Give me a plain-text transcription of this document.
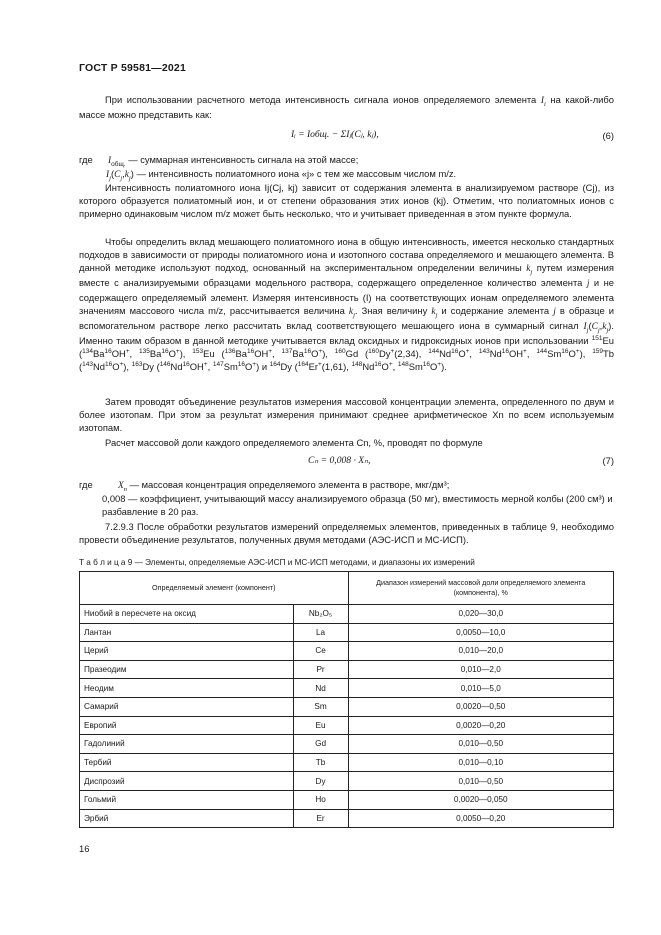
ГОСТ Р 59581—2021

При использовании расчетного метода интенсивность сигнала ионов определяемого элемента $I_i$ на какой-либо массе можно представить как:

Iᵢ = Iобщ. − ΣIⱼ(Cⱼ, kⱼ),	(6)
где $I_{общ.}$ — суммарная интенсивность сигнала на этой массе;
$I_j(C_j,k_j)$ — интенсивность полиатомного иона «j» с тем же массовым числом m/z.

Интенсивность полиатомного иона Ij(Cj, kj) зависит от содержания элемента в анализируемом растворе (Cj), из которого образуется полиатомный ион, и от степени образования этих ионов (kj). Отметим, что полиатомных ионов с примерно одинаковым числом m/z может быть несколько, что и учитывает приведенная в этом пункте формула.

Чтобы определить вклад мешающего полиатомного иона в общую интенсивность, имеется несколько стандартных подходов в зависимости от природы полиатомного иона и изотопного состава определяемого и мешающего элемента. В данной методике используют подход, основанный на экспериментальном определении величины $k_j$ путем измерения вместе с анализируемыми образцами модельного раствора, содержащего определенное количество элемента j и не содержащего определяемый элемент. Измеряя интенсивность (I) на соответствующих ионам определяемого элемента значениям массового числа m/z, рассчитывается величина $k_j$. Зная величину $k_j$ и содержание элемента j в образце и вспомогательном растворе легко рассчитать вклад соответствующего мешающего иона в суммарный сигнал $I_j(C_j,k_j)$. Именно таким образом в данной методике учитывается вклад оксидных и гидроксидных ионов при использовании $^{151}$Eu ($^{134}$Ba$^{16}$OH+, $^{135}$Ba$^{16}$O+), $^{153}$Eu ($^{136}$Ba$^{16}$OH+, $^{137}$Ba$^{16}$O+), $^{160}$Gd ($^{160}$Dy+(2,34), $^{144}$Nd$^{16}$O+, $^{143}$Nd$^{16}$OH+, $^{144}$Sm$^{16}$O+), $^{159}$Tb ($^{143}$Nd$^{16}$O+), $^{163}$Dy ($^{146}$Nd$^{16}$OH+, $^{147}$Sm$^{16}$O+) и $^{164}$Dy ($^{164}$Er+(1,61), $^{148}$Nd$^{16}$O+, $^{148}$Sm$^{16}$O+).

Затем проводят объединение результатов измерения массовой концентрации элемента, определенного по двум и более изотопам. При этом за результат измерения принимают среднее арифметическое Xn по всем используемым изотопам.

Расчет массовой доли каждого определяемого элемента Cn, %, проводят по формуле

Cₙ = 0,008 · Xₙ,	(7)
где	$X_n$ — массовая концентрация определяемого элемента в растворе, мкг/дм³;
0,008 — коэффициент, учитывающий массу анализируемого образца (50 мг), вместимость мерной колбы (200 см³) и разбавление в 20 раз.

7.2.9.3 После обработки результатов измерений определяемых элементов, приведенных в таблице 9, необходимо провести объединение результатов, полученных двумя методами (АЭС-ИСП и МС-ИСП).

Т а б л и ц а 9 — Элементы, определяемые АЭС-ИСП и МС-ИСП методами, и диапазоны их измерений
Определяемый элемент (компонент)		Диапазон измерений массовой доли определяемого элемента (компонента), %
Ниобий в пересчете на оксид	Nb₂O₅	0,020—30,0
Лантан	La	0,0050—10,0
Церий	Ce	0,010—20,0
Празеодим	Pr	0,010—2,0
Неодим	Nd	0,010—5,0
Самарий	Sm	0,0020—0,50
Европий	Eu	0,0020—0,20
Гадолиний	Gd	0,010—0,50
Тербий	Tb	0,010—0,10
Диспрозий	Dy	0,010—0,50
Гольмий	Ho	0,0020—0,050
Эрбий	Er	0,0050—0,20
16
